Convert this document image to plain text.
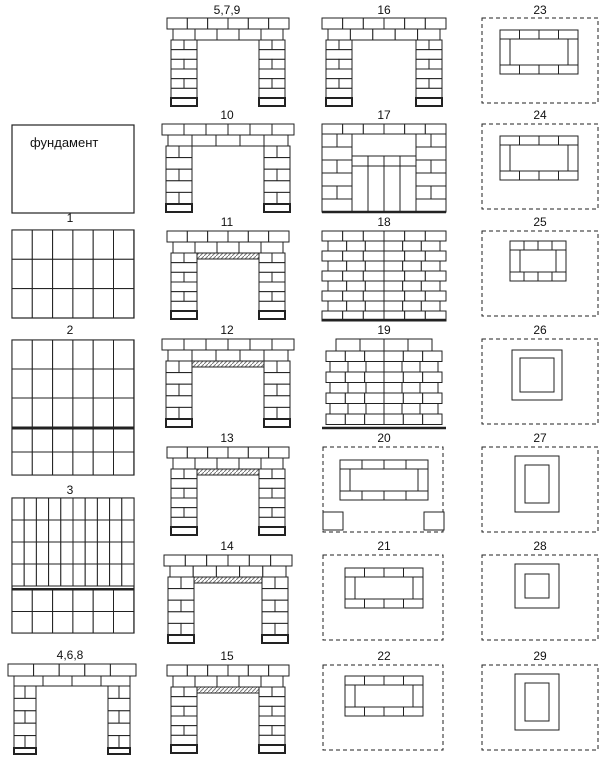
фундамент
1
2
3
4,6,8
5,7,9
10
11
12
13
14
15
16
17
18
19
20
21
22
23
24
25
26
27
28
29
